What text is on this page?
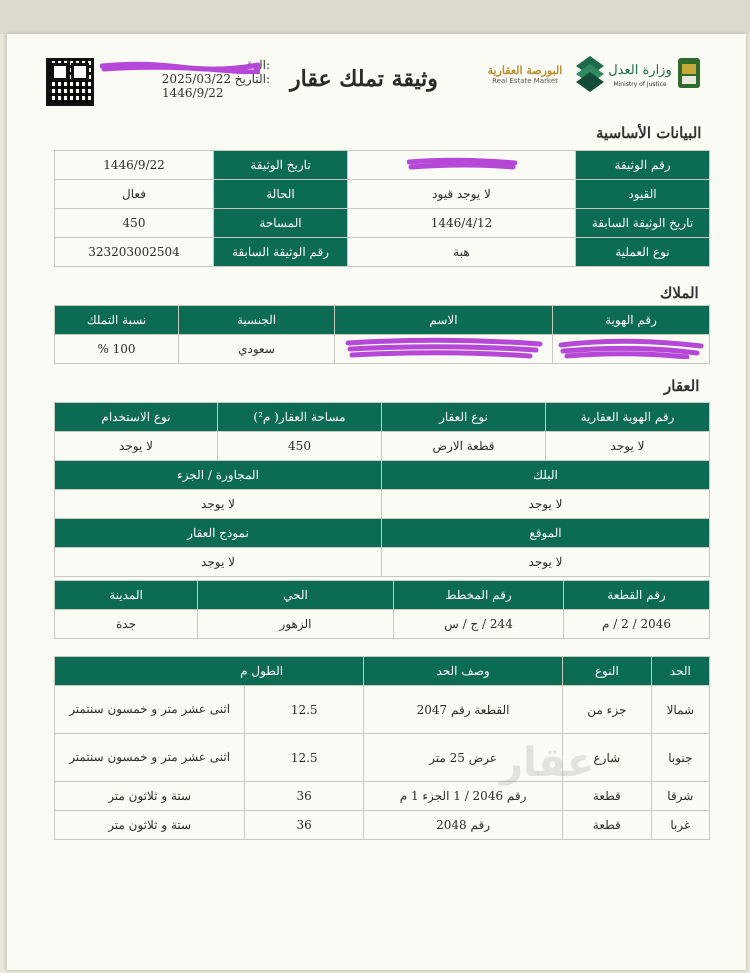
الرقم:
2025/03/22 التاريخ:
1446/9/22
وثيقة تملك عقار	البورصة العقارية
Real Estate Market
وزارة العدل
Ministry of Justice
البيانات الأساسية
رقم الوثيقة		تاريخ الوثيقة	1446/9/22
القيود	لا يوجد قيود	الحالة	فعال
تاريخ الوثيقة السابقة	1446/4/12	المساحة	450
نوع العملية	هبة	رقم الوثيقة السابقة	323203002504
الملاك
رقم الهوية	الاسم	الجنسية	نسبة التملك
		سعودي	100 %
العقار
رقم الهوية العقارية	نوع العقار	مساحة العقار( م²)	نوع الاستخدام
لا يوجد	قطعة الارض	450	لا يوجد
البلك		المجاورة / الجزء	
لا يوجد		لا يوجد	
الموقع		نموذج العقار	
لا يوجد		لا يوجد	
رقم القطعة	رقم المخطط	الحي	المدينة
2046 / 2 / م	244 / ج / س	الزهور	جدة
الحد	النوع	وصف الحد	الطول م	
شمالا	جزء من	القطعة رقم 2047	12.5	اثنى عشر متر و خمسون سنتمتر
جنوبا	شارع	عرض 25 متر	12.5	اثنى عشر متر و خمسون سنتمتر
شرقا	قطعة	رقم 2046 / 1 الجزء 1 م	36	ستة و ثلاثون متر
غربا	قطعة	رقم 2048	36	ستة و ثلاثون متر
عقار
